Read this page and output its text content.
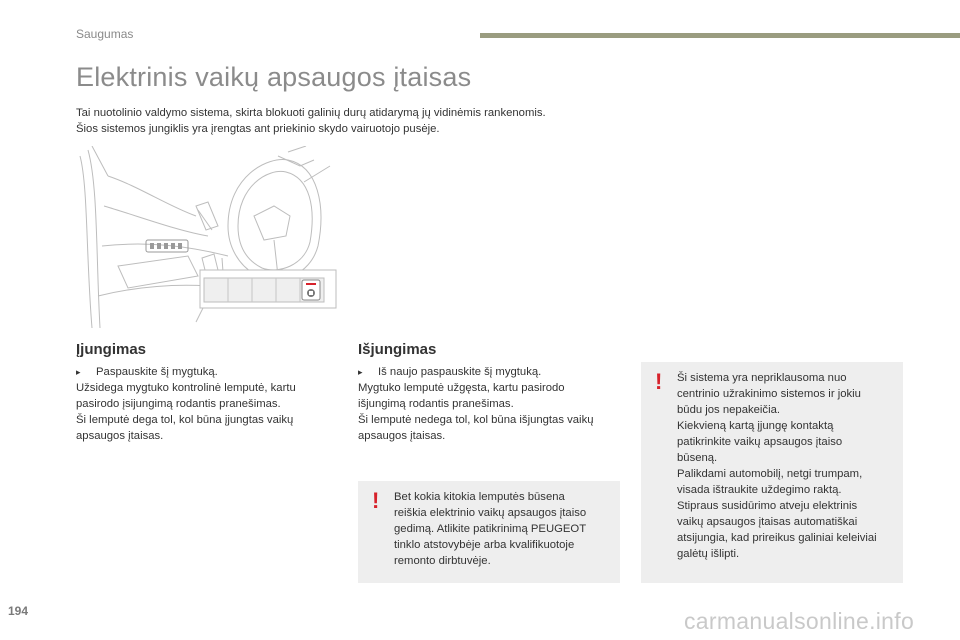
Saugumas
Elektrinis vaikų apsaugos įtaisas

Tai nuotolinio valdymo sistema, skirta blokuoti galinių durų atidarymą jų vidinėmis rankenomis.

Šios sistemos jungiklis yra įrengtas ant priekinio skydo vairuotojo pusėje.

Įjungimas
▸	Paspauskite šį mygtuką.

Užsidega mygtuko kontrolinė lemputė, kartu

pasirodo įsijungimą rodantis pranešimas.

Ši lemputė dega tol, kol būna įjungtas vaikų

apsaugos įtaisas.

Išjungimas
▸	Iš naujo paspauskite šį mygtuką.

Mygtuko lemputė užgęsta, kartu pasirodo

išjungimą rodantis pranešimas.

Ši lemputė nedega tol, kol būna išjungtas vaikų

apsaugos įtaisas.

! Bet kokia kitokia lemputės būsena

reiškia elektrinio vaikų apsaugos įtaiso

gedimą. Atlikite patikrinimą PEUGEOT

tinklo atstovybėje arba kvalifikuotoje

remonto dirbtuvėje.

! Ši sistema yra nepriklausoma nuo

centrinio užrakinimo sistemos ir jokiu

būdu jos nepakeičia.

Kiekvieną kartą įjungę kontaktą

patikrinkite vaikų apsaugos įtaiso

būseną.

Palikdami automobilį, netgi trumpam,

visada ištraukite uždegimo raktą.

Stipraus susidūrimo atveju elektrinis

vaikų apsaugos įtaisas automatiškai

atsijungia, kad prireikus galiniai keleiviai

galėtų išlipti.

194	carmanualsonline.info
